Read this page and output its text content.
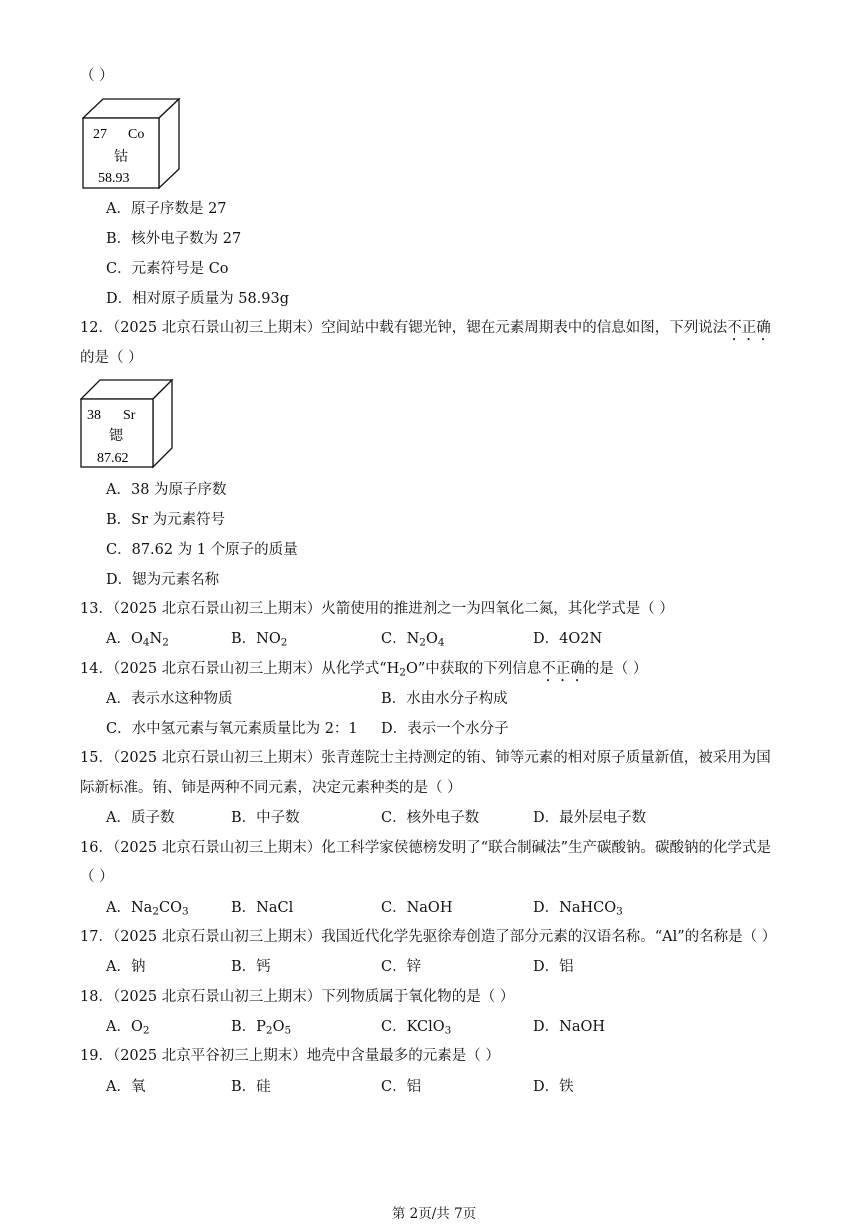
（ ）
27 Co
钴
58.93
A．原子序数是 27
B．核外电子数为 27
C．元素符号是 Co
D．相对原子质量为 58.93g
12．（2025 北京石景山初三上期末）空间站中载有锶光钟，锶在元素周期表中的信息如图，下列说法不正确
的是（ ）
38 Sr
锶
87.62
A．38 为原子序数
B．Sr 为元素符号
C．87.62 为 1 个原子的质量
D．锶为元素名称
13．（2025 北京石景山初三上期末）火箭使用的推进剂之一为四氧化二氮，其化学式是（ ）
A．$O_4N_2$	B．$NO_2$	C．$N_2O_4$	D．4O2N
14．（2025 北京石景山初三上期末）从化学式“$H_2O$”中获取的下列信息不正确的是（ ）
A．表示水这种物质	B．水由水分子构成
C．水中氢元素与氧元素质量比为 2：1 D．表示一个水分子
15．（2025 北京石景山初三上期末）张青莲院士主持测定的铕、铈等元素的相对原子质量新值，被采用为国
际新标准。铕、铈是两种不同元素，决定元素种类的是（ ）
A．质子数	B．中子数	C．核外电子数	D．最外层电子数
16．（2025 北京石景山初三上期末）化工科学家侯德榜发明了“联合制碱法”生产碳酸钠。碳酸钠的化学式是
（ ）
A．$Na_2CO_3$	B．NaCl	C．NaOH	D．NaHCO$_3$
17．（2025 北京石景山初三上期末）我国近代化学先驱徐寿创造了部分元素的汉语名称。“Al”的名称是（ ）
A．钠	B．钙	C．锌	D．铝
18．（2025 北京石景山初三上期末）下列物质属于氧化物的是（ ）
A．$O_2$	B．$P_2O_5$	C．KClO$_3$	D．NaOH
19．（2025 北京平谷初三上期末）地壳中含量最多的元素是（ ）
A．氧	B．硅	C．铝	D．铁
第 2页/共 7页
